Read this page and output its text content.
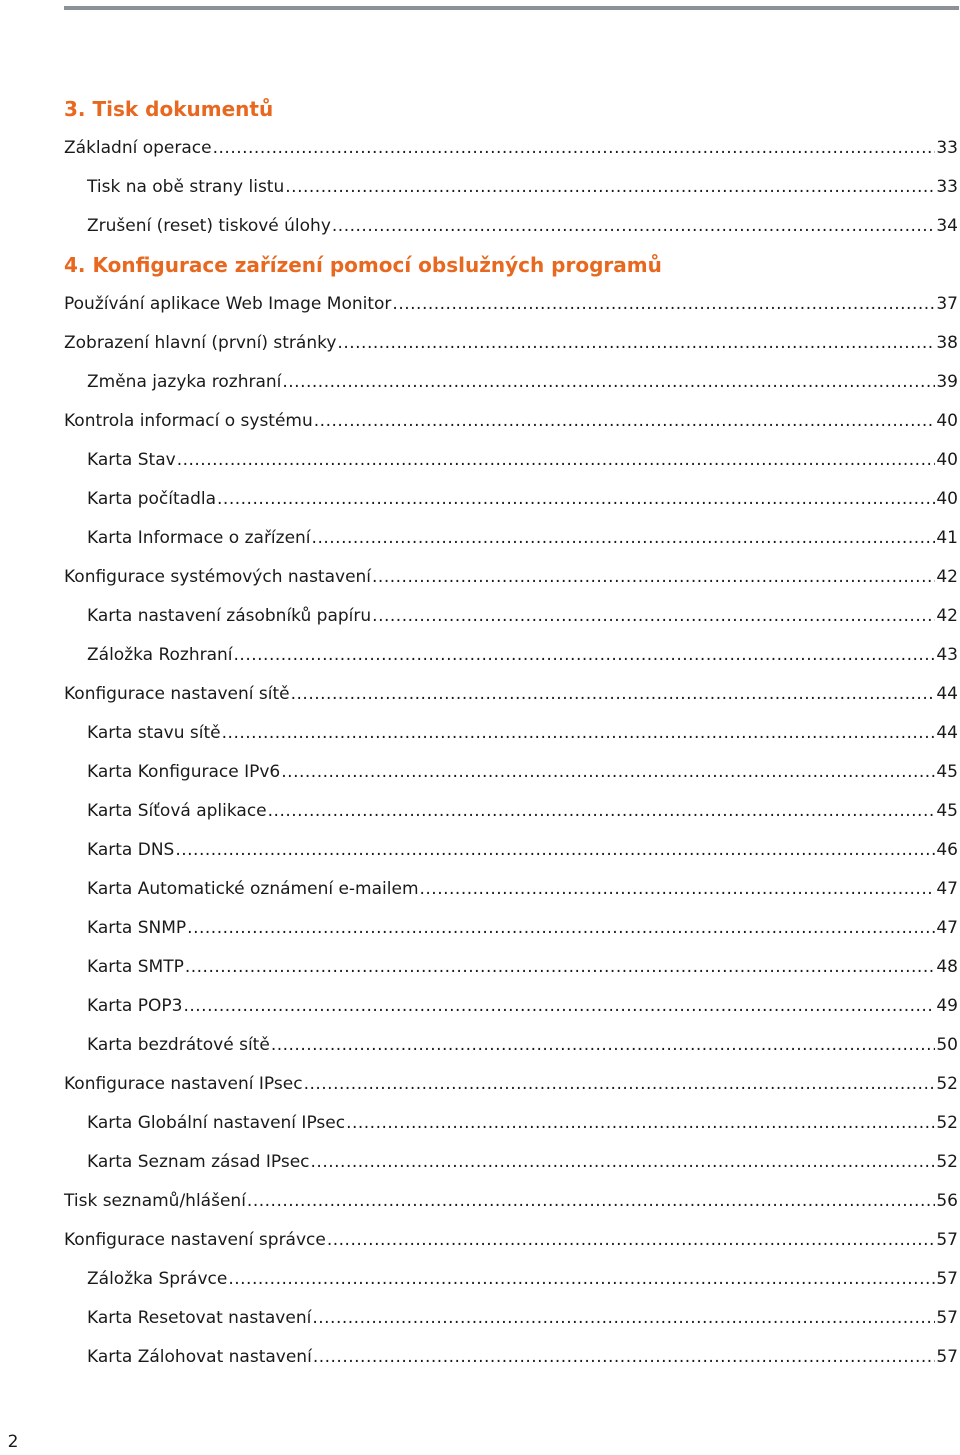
3. Tisk dokumentů
Základní operace .....	33
Tisk na obě strany listu .....	33
Zrušení (reset) tiskové úlohy .....	34
4. Konfigurace zařízení pomocí obslužných programů
Používání aplikace Web Image Monitor .....	37
Zobrazení hlavní (první) stránky .....	38
Změna jazyka rozhraní .....	39
Kontrola informací o systému .....	40
Karta Stav .....	40
Karta počítadla .....	40
Karta Informace o zařízení .....	41
Konfigurace systémových nastavení .....	42
Karta nastavení zásobníků papíru .....	42
Záložka Rozhraní .....	43
Konfigurace nastavení sítě .....	44
Karta stavu sítě .....	44
Karta Konfigurace IPv6 .....	45
Karta Síťová aplikace .....	45
Karta DNS .....	46
Karta Automatické oznámení e-mailem .....	47
Karta SNMP .....	47
Karta SMTP .....	48
Karta POP3 .....	49
Karta bezdrátové sítě .....	50
Konfigurace nastavení IPsec .....	52
Karta Globální nastavení IPsec .....	52
Karta Seznam zásad IPsec .....	52
Tisk seznamů/hlášení .....	56
Konfigurace nastavení správce .....	57
Záložka Správce .....	57
Karta Resetovat nastavení .....	57
Karta Zálohovat nastavení .....	57
2
